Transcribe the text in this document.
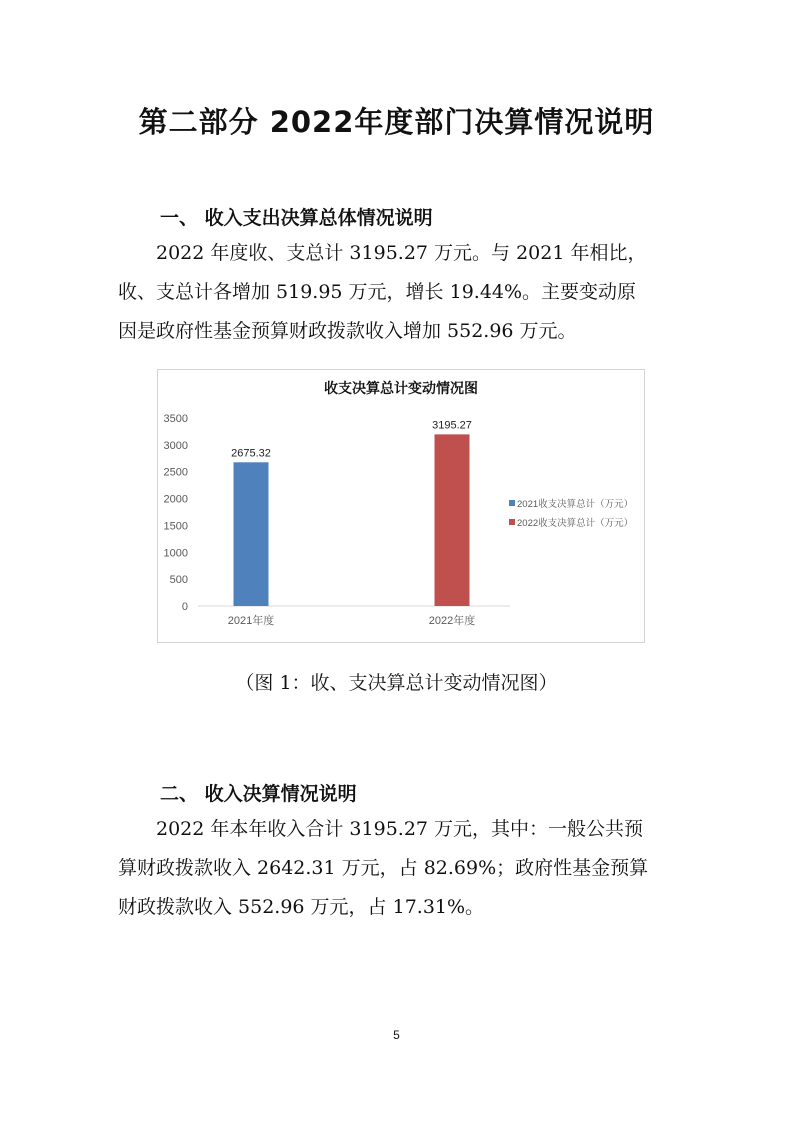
第二部分 2022年度部门决算情况说明
一、 收入支出决算总体情况说明

2022 年度收、支总计 3195.27 万元。与 2021 年相比，
收、支总计各增加 519.95 万元，增长 19.44%。主要变动原
因是政府性基金预算财政拨款收入增加 552.96 万元。

收支决算总计变动情况图
0
500
1000
1500
2000
2500
3000
3500
2675.32
2021年度
3195.27
2022年度
2021收支决算总计（万元）
2022收支决算总计（万元）

（图 1：收、支决算总计变动情况图）

二、 收入决算情况说明

2022 年本年收入合计 3195.27 万元，其中：一般公共预
算财政拨款收入 2642.31 万元，占 82.69%；政府性基金预算
财政拨款收入 552.96 万元，占 17.31%。

5
